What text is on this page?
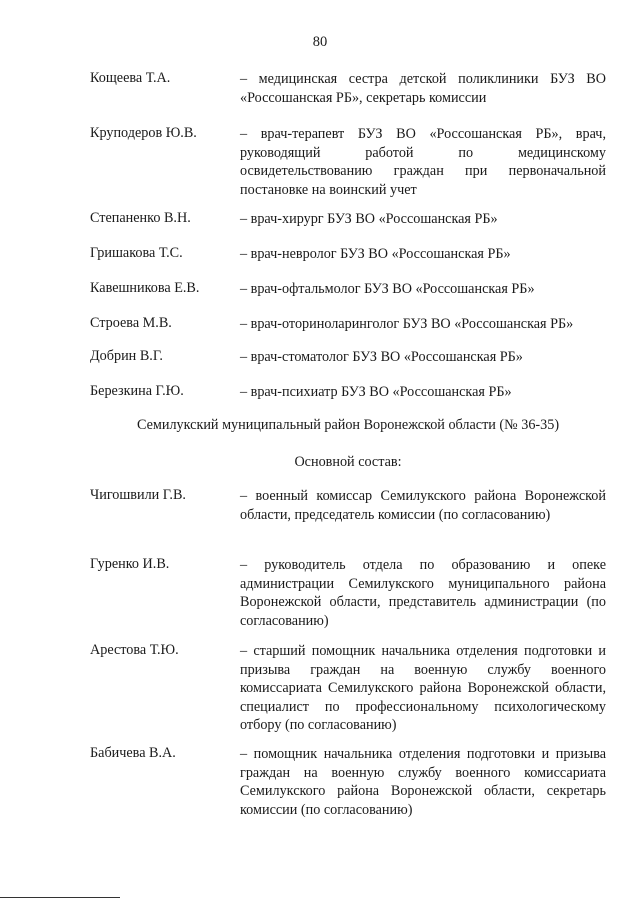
80
Кощеева Т.А.	– медицинская сестра детской поликлиники БУЗ ВО «Россошанская РБ», секретарь комиссии
Круподеров Ю.В.	– врач-терапевт БУЗ ВО «Россошанская РБ», врач, руководящий работой по медицинскому освидетельствованию граждан при первоначальной постановке на воинский учет
Степаненко В.Н.	– врач-хирург БУЗ ВО «Россошанская РБ»
Гришакова Т.С.	– врач-невролог БУЗ ВО «Россошанская РБ»
Кавешникова Е.В.	– врач-офтальмолог БУЗ ВО «Россошанская РБ»
Строева М.В.	– врач-оториноларинголог БУЗ ВО «Россошанская РБ»
Добрин В.Г.	– врач-стоматолог БУЗ ВО «Россошанская РБ»
Березкина Г.Ю.	– врач-психиатр БУЗ ВО «Россошанская РБ»
Семилукский муниципальный район Воронежской области (№ 36-35)
Основной состав:
Чигошвили Г.В.	– военный комиссар Семилукского района Воронежской области, председатель комиссии (по согласованию)
Гуренко И.В.	– руководитель отдела по образованию и опеке администрации Семилукского муниципального района Воронежской области, представитель администрации (по согласованию)
Арестова Т.Ю.	– старший помощник начальника отделения подготовки и призыва граждан на военную службу военного комиссариата Семилукского района Воронежской области, специалист по профессиональному психологическому отбору (по согласованию)
Бабичева В.А.	– помощник начальника отделения подготовки и призыва граждан на военную службу военного комиссариата Семилукского района Воронежской области, секретарь комиссии (по согласованию)
